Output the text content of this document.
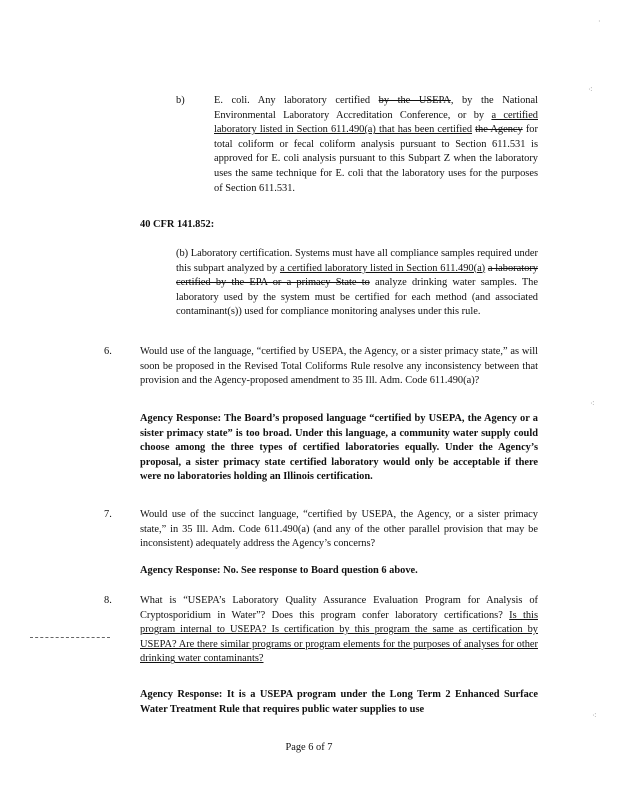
b)	E. coli. Any laboratory certified by the USEPA, by the National Environmental Laboratory Accreditation Conference, or by a certified laboratory listed in Section 611.490(a) that has been certified the Agency for total coliform or fecal coliform analysis pursuant to Section 611.531 is approved for E. coli analysis pursuant to this Subpart Z when the laboratory uses the same technique for E. coli that the laboratory uses for the purposes of Section 611.531.

40 CFR 141.852:

(b) Laboratory certification. Systems must have all compliance samples required under this subpart analyzed by a certified laboratory listed in Section 611.490(a) a laboratory certified by the EPA or a primacy State to analyze drinking water samples. The laboratory used by the system must be certified for each method (and associated contaminant(s)) used for compliance monitoring analyses under this rule.

6.	Would use of the language, “certified by USEPA, the Agency, or a sister primacy state,” as will soon be proposed in the Revised Total Coliforms Rule resolve any inconsistency between that provision and the Agency-proposed amendment to 35 Ill. Adm. Code 611.490(a)?
Agency Response: The Board’s proposed language “certified by USEPA, the Agency or a sister primacy state” is too broad. Under this language, a community water supply could choose among the three types of certified laboratories equally. Under the Agency’s proposal, a sister primacy state certified laboratory would only be acceptable if there were no laboratories holding an Illinois certification.
7.	Would use of the succinct language, “certified by USEPA, the Agency, or a sister primacy state,” in 35 Ill. Adm. Code 611.490(a) (and any of the other parallel provision that may be inconsistent) adequately address the Agency’s concerns?
Agency Response: No. See response to Board question 6 above.
8.	What is “USEPA’s Laboratory Quality Assurance Evaluation Program for Analysis of Cryptosporidium in Water”? Does this program confer laboratory certifications? Is this program internal to USEPA? Is certification by this program the same as certification by USEPA? Are there similar programs or program elements for the purposes of analyses for other drinking water contaminants?

Agency Response: It is a USEPA program under the Long Term 2 Enhanced Surface Water Treatment Rule that requires public water supplies to use
⁖
⁖
⁖
·
Page 6 of 7
